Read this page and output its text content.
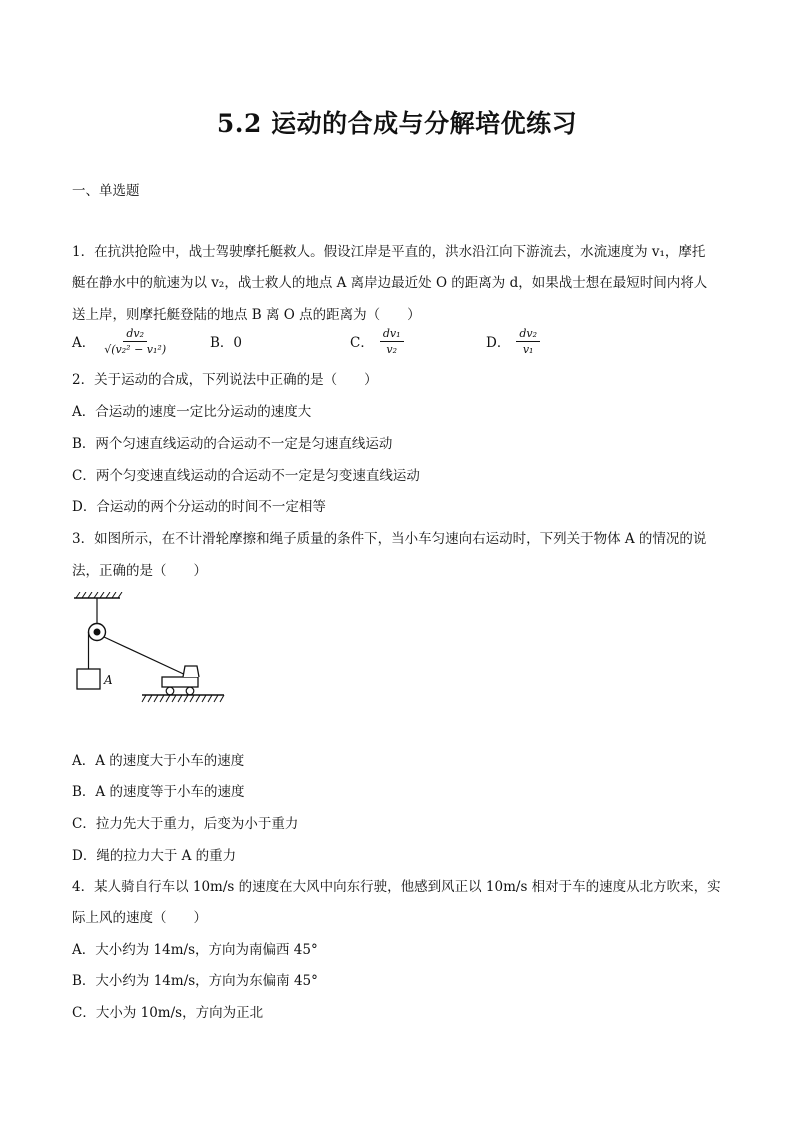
5.2 运动的合成与分解培优练习
一、单选题
1．在抗洪抢险中，战士驾驶摩托艇救人。假设江岸是平直的，洪水沿江向下游流去，水流速度为 v₁，摩托
艇在静水中的航速为以 v₂，战士救人的地点 A 离岸边最近处 O 的距离为 d，如果战士想在最短时间内将人
送上岸，则摩托艇登陆的地点 B 离 O 点的距离为（　　）
A． $\frac{\text{dv₂}}{\text{√(v₂² − v₁²)}}$	B．0	C． $\frac{\text{dv₁}}{\text{v₂}}$	D． $\frac{\text{dv₂}}{\text{v₁}}$
2．关于运动的合成，下列说法中正确的是（　　）
A．合运动的速度一定比分运动的速度大
B．两个匀速直线运动的合运动不一定是匀速直线运动
C．两个匀变速直线运动的合运动不一定是匀变速直线运动
D．合运动的两个分运动的时间不一定相等
3．如图所示，在不计滑轮摩擦和绳子质量的条件下，当小车匀速向右运动时，下列关于物体 A 的情况的说
法，正确的是（　　）
A
A．A 的速度大于小车的速度
B．A 的速度等于小车的速度
C．拉力先大于重力，后变为小于重力
D．绳的拉力大于 A 的重力
4．某人骑自行车以 10m/s 的速度在大风中向东行驶，他感到风正以 10m/s 相对于车的速度从北方吹来，实
际上风的速度（　　）
A．大小约为 14m/s，方向为南偏西 45°
B．大小约为 14m/s，方向为东偏南 45°
C．大小为 10m/s，方向为正北
